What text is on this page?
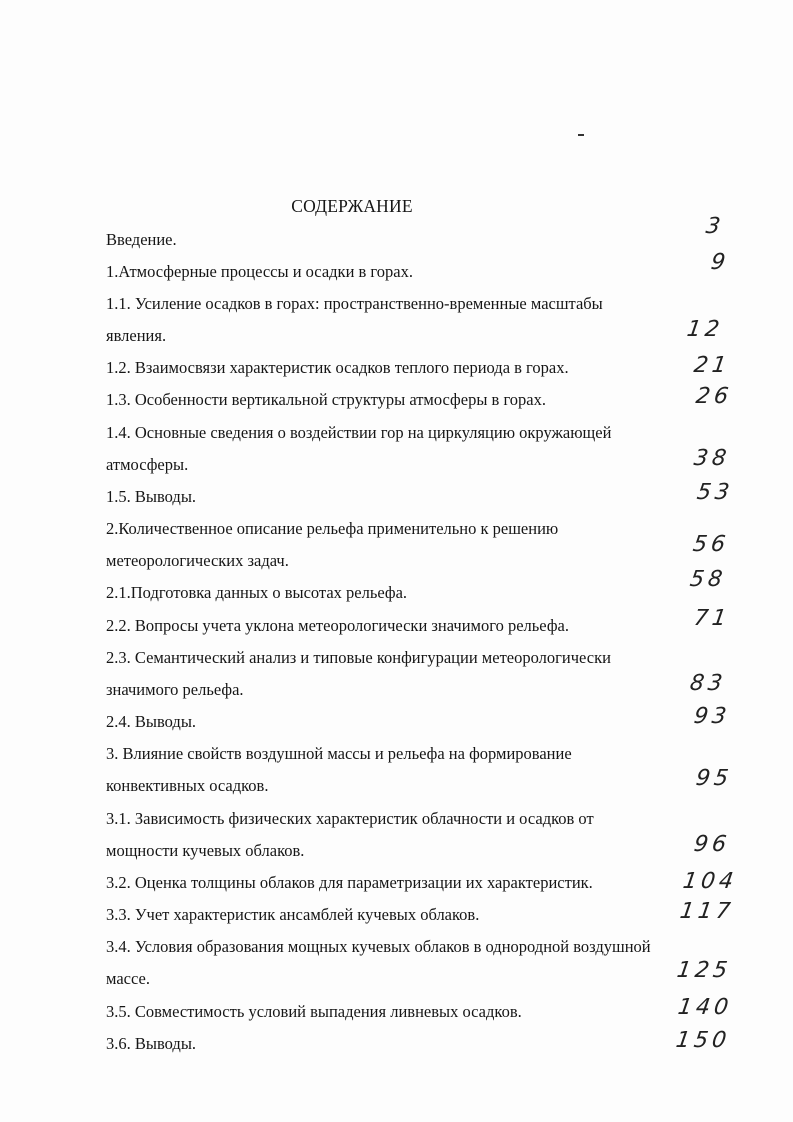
СОДЕРЖАНИЕ
Введение.
1.Атмосферные процессы и осадки в горах.
1.1. Усиление осадков в горах: пространственно-временные масштабы
явления.
1.2. Взаимосвязи характеристик осадков теплого периода в горах.
1.3. Особенности вертикальной структуры атмосферы в горах.
1.4. Основные сведения о воздействии гор на циркуляцию окружающей
атмосферы.
1.5. Выводы.
2.Количественное описание рельефа применительно к решению
метеорологических задач.
2.1.Подготовка данных о высотах рельефа.
2.2. Вопросы учета уклона метеорологически значимого рельефа.
2.3. Семантический анализ и типовые конфигурации метеорологически
значимого рельефа.
2.4. Выводы.
3. Влияние свойств воздушной массы и рельефа на формирование
конвективных осадков.
3.1. Зависимость физических характеристик облачности и осадков от
мощности кучевых облаков.
3.2. Оценка толщины облаков для параметризации их характеристик.
3.3. Учет характеристик ансамблей кучевых облаков.
3.4. Условия образования мощных кучевых облаков в однородной воздушной
массе.
3.5. Совместимость условий выпадения ливневых осадков.
3.6. Выводы.
3
9
12
21
26
38
53
56
58
71
83
93
95
96
104
117
125
140
150
